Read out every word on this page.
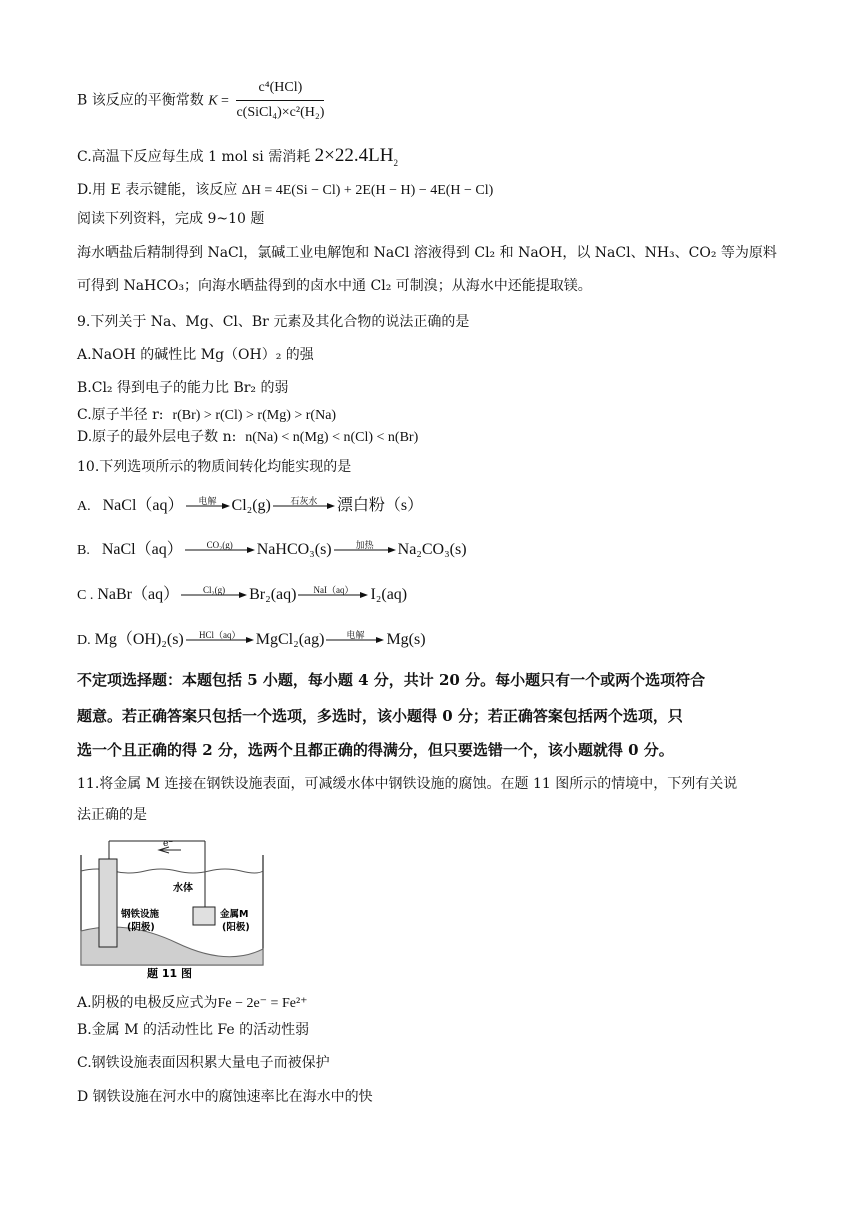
B 该反应的平衡常数 $K = \frac{\text{c⁴(HCl)}}{\text{c(SiCl₄)×c²(H₂)}}$
C.高温下反应每生成 1 mol si 需消耗 $2\times 22.4LH_2$
D.用 E 表示键能，该反应 ΔH = 4E(Si − Cl) + 2E(H − H) − 4E(H − Cl)
阅读下列资料，完成 9~10 题
海水晒盐后精制得到 NaCl，氯碱工业电解饱和 NaCl 溶液得到 Cl₂ 和 NaOH，以 NaCl、NH₃、CO₂ 等为原料
可得到 NaHCO₃；向海水晒盐得到的卤水中通 Cl₂ 可制溴；从海水中还能提取镁。
9.下列关于 Na、Mg、Cl、Br 元素及其化合物的说法正确的是
A.NaOH 的碱性比 Mg（OH）₂ 的强
B.Cl₂ 得到电子的能力比 Br₂ 的弱
C.原子半径 r: r(Br) > r(Cl) > r(Mg) > r(Na)
D.原子的最外层电子数 n: n(Na) < n(Mg) < n(Cl) < n(Br)
10.下列选项所示的物质间转化均能实现的是
A. NaCl（aq）	电解 Cl₂(g)	石灰水	漂白粉（s）
B. NaCl（aq）	CO₂(g)	NaHCO₃(s)	加热	Na₂CO₃(s)
C . NaBr（aq）	Cl₂(g)	Br₂(aq)	NaI（aq）	I₂(aq)
D. Mg（OH)₂(s)	HCl（aq） MgCl₂(ag)	电解	Mg(s)
不定项选择题：本题包括 5 小题，每小题 4 分，共计 20 分。每小题只有一个或两个选项符合
题意。若正确答案只包括一个选项，多选时，该小题得 0 分；若正确答案包括两个选项，只
选一个且正确的得 2 分，选两个且都正确的得满分，但只要选错一个，该小题就得 0 分。
11.将金属 M 连接在钢铁设施表面，可减缓水体中钢铁设施的腐蚀。在题 11 图所示的情境中，下列有关说
法正确的是
e⁻
水体
钢铁设施
(阴极)
金属M
(阳极)
题 11 图
A.阴极的电极反应式为Fe − 2e⁻ = Fe²⁺
B.金属 M 的活动性比 Fe 的活动性弱
C.钢铁设施表面因积累大量电子而被保护
D 钢铁设施在河水中的腐蚀速率比在海水中的快
